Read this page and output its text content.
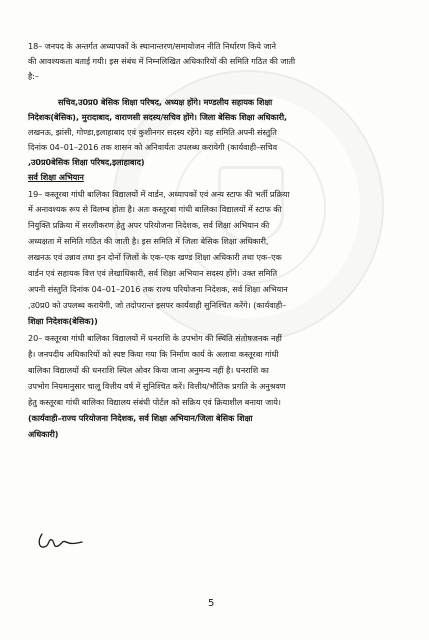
18– जनपद के अन्तर्गत अध्यापकों के स्थानान्तरण/समायोजन नीति निर्धारण किये जाने
की आवश्यकता बताई गयी। इस संबंध में निम्नलिखित अधिकारियों की समिति गठित की जाती
है:–
सचिव,उ0प्र0 बेसिक शिक्षा परिषद, अध्यक्ष होंगे। मण्डलीय सहायक शिक्षा
निदेशक(बेसिक), मुरादाबाद, वाराणसी सदस्य/सचिव होंगे। जिला बेसिक शिक्षा अधिकारी,
लखनऊ, झांसी, गोण्डा,इलाहाबाद एवं कुशीनगर सदस्य रहेंगे। यह समिति अपनी संस्तुति
दिनांक 04–01–2016 तक शासन को अनिवार्यतः उपलब्ध करायेगी (कार्यवाही–सचिव
,उ0प्र0बेसिक शिक्षा परिषद,इलाहाबाद)
सर्व शिक्षा अभियान
19– कस्तूरबा गांधी बालिका विद्यालयों में वार्डन, अध्यापकों एवं अन्य स्टाफ की भर्ती प्रक्रिया
में अनावश्यक रूप से विलम्ब होता है। अतः कस्तूरबा गांधी बालिका विद्यालयों में स्टाफ की
नियुक्ति प्रक्रिया में सरलीकरण हेतु अपर परियोजना निदेशक, सर्व शिक्षा अभियान की
अध्यक्षता में समिति गठित की जाती है। इस समिति में जिला बेसिक शिक्षा अधिकारी,
लखनऊ एवं उन्नाव तथा इन दोनों जिलों के एक–एक खण्ड शिक्षा अधिकारी तथा एक–एक
वार्डन एवं सहायक वित्त एवं लेखाधिकारी, सर्व शिक्षा अभियान सदस्य होंगे। उक्त समिति
अपनी संस्तुति दिनांक 04–01–2016 तक राज्य परियोजना निदेशक, सर्व शिक्षा अभियान
,उ0प्र0 को उपलब्ध करायेगी, जो तदोपरान्त इसपर कार्यवाही सुनिश्चित करेंगे। (कार्यवाही–
शिक्षा निदेशक(बेसिक))
20– कस्तूरबा गांधी बालिका विद्यालयों में धनराशि के उपभोग की स्थिति संतोषजनक नहीं
है। जनपदीय अधिकारियों को स्पष्ट किया गया कि निर्माण कार्य के अलावा कस्तूरबा गांधी
बालिका विद्यालयों की धनराशि स्पिल ओवर किया जाना अनुमन्य नहीं है। धनराशि का
उपभोग नियमानुसार चालू वित्तीय वर्ष में सुनिश्चित करें। वित्तीय/भौतिक प्रगति के अनुश्रवण
हेतु कस्तूरबा गांधी बालिका विद्यालय संबंधी पोर्टल को सक्रिय एवं क्रियाशील बनाया जाये।
(कार्यवाही–राज्य परियोजना निदेशक, सर्व शिक्षा अभियान/जिला बेसिक शिक्षा
अधिकारी)
5
